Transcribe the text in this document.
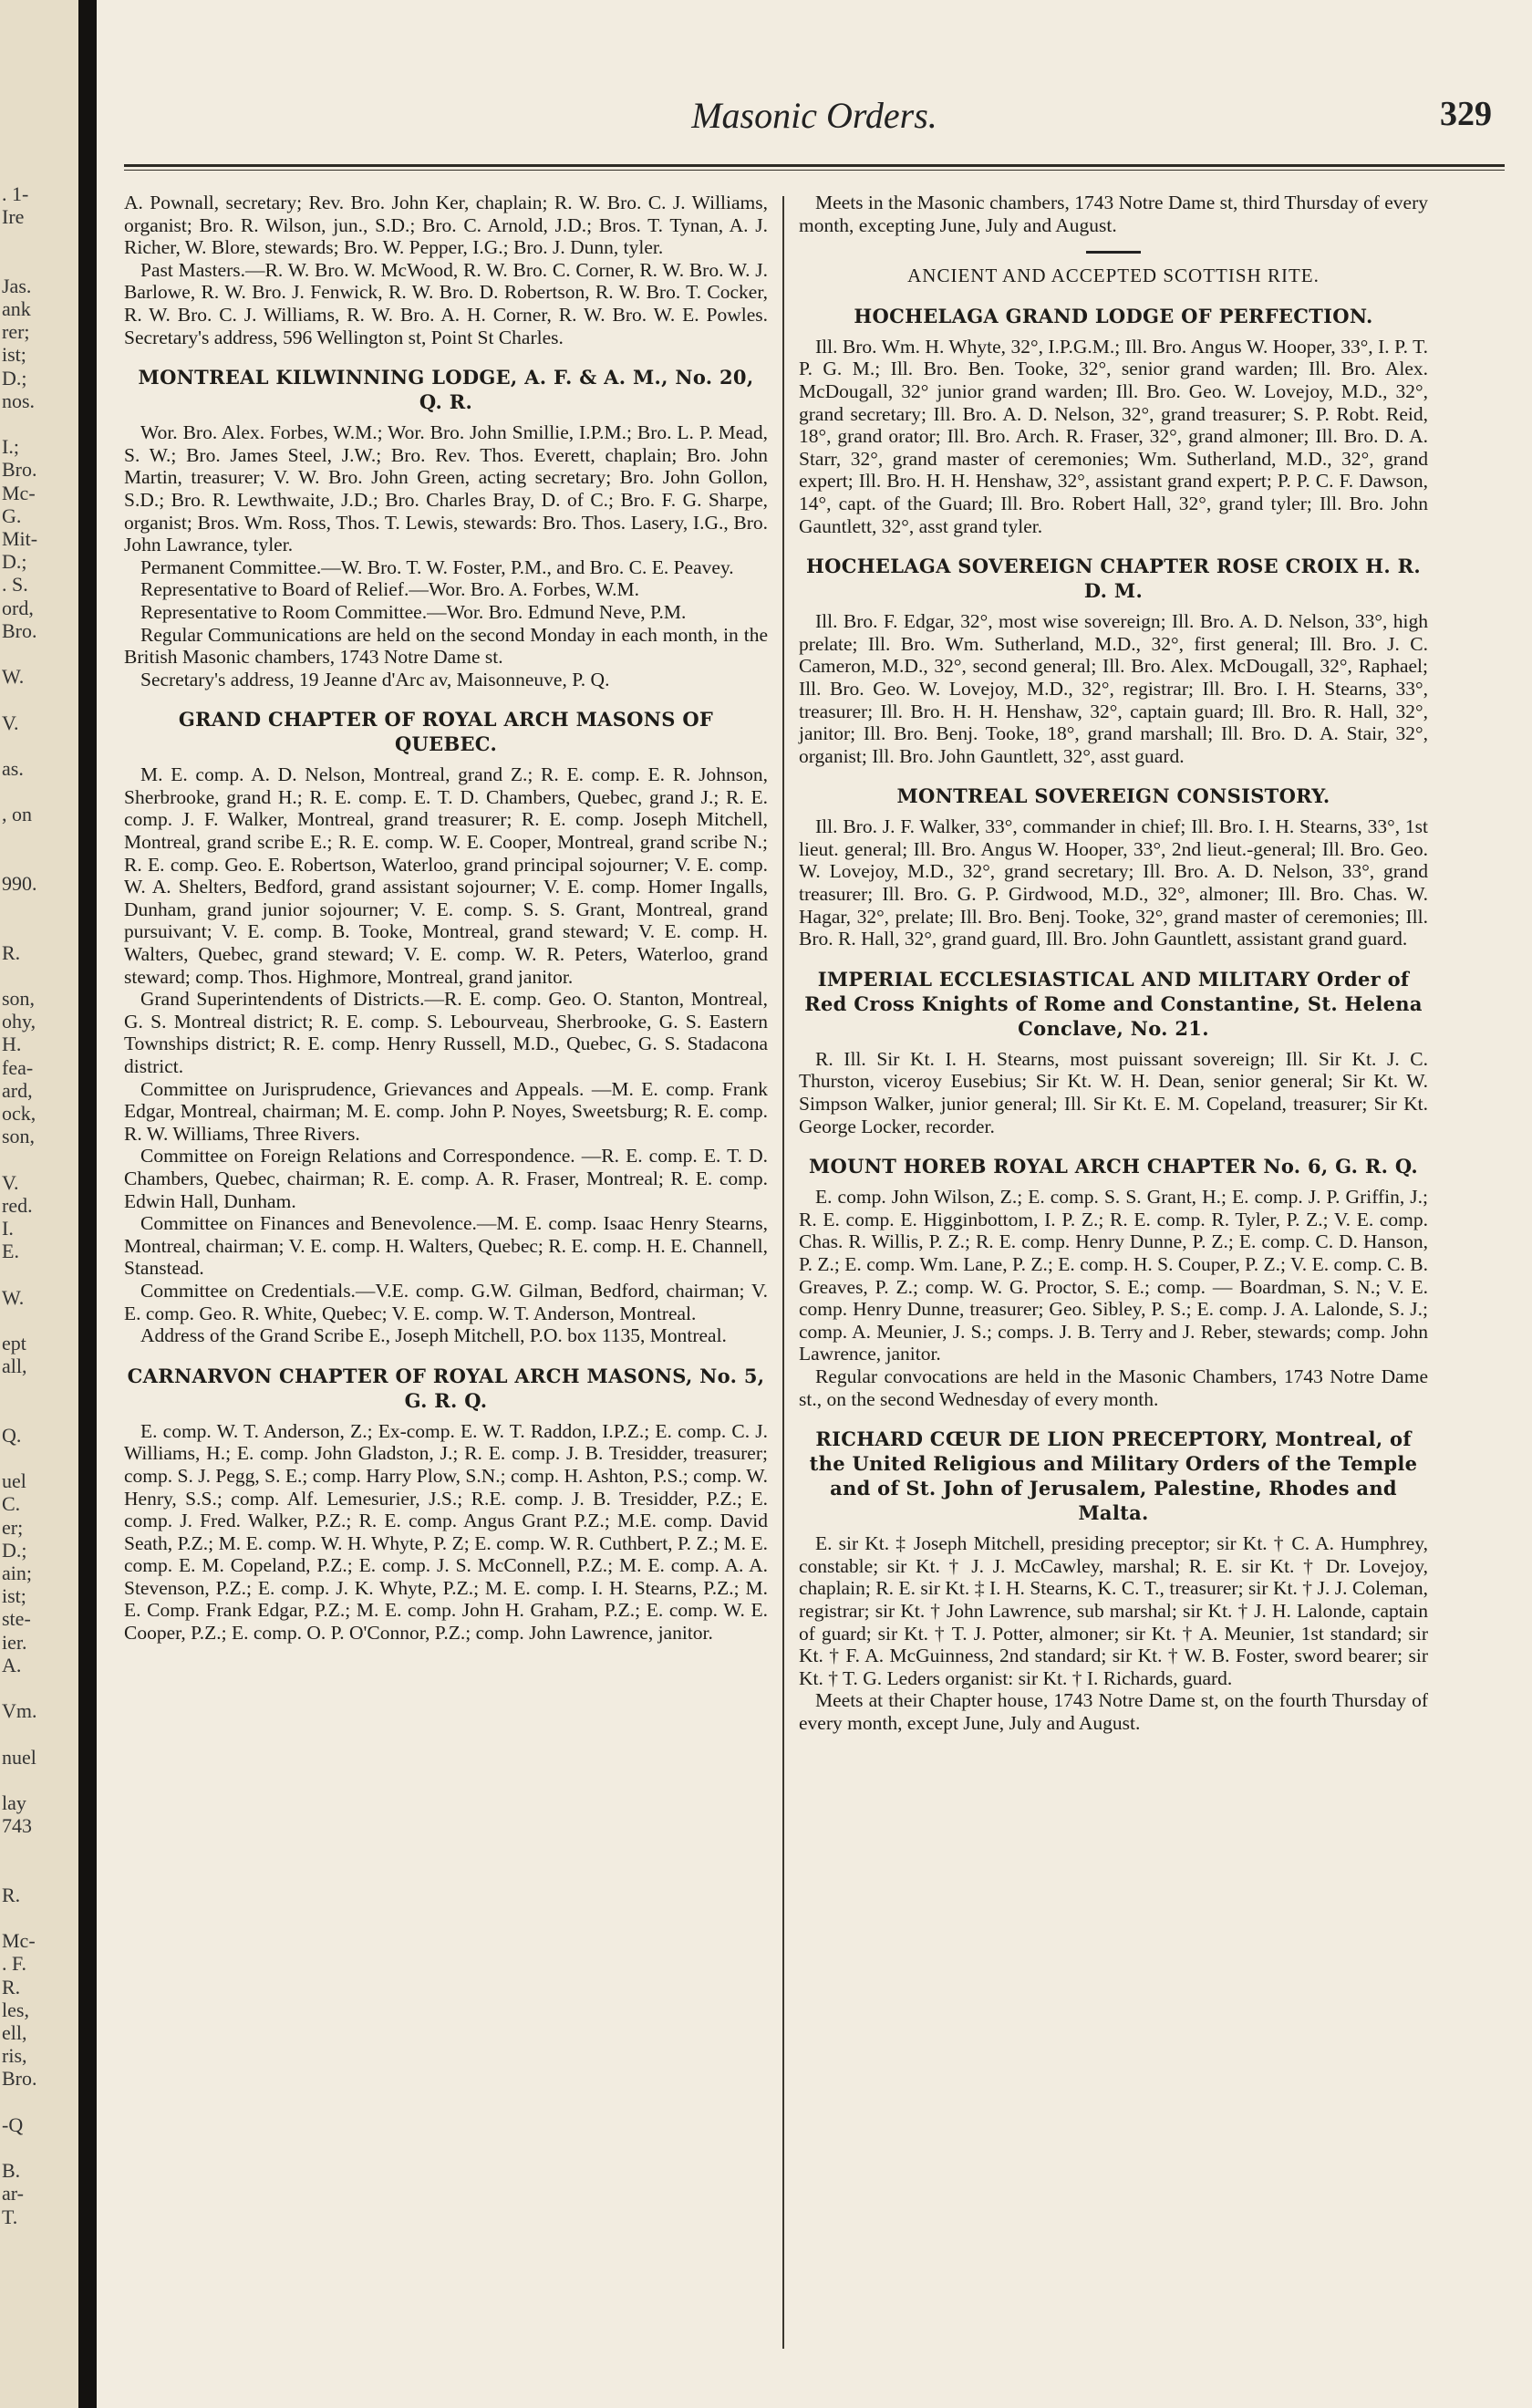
. 1-
Ire
Jas.
ank
rer;
ist;
D.;
nos.
I.;
Bro.
Mc-
G.
Mit-
D.;
. S.
ord,
Bro.
W.
V.
as.
, on
990.
R.
son,
ohy,
H.
fea-
ard,
ock,
son,
V.
red.
I.
E.
W.
ept
all,
Q.
uel
C.
er;
D.;
ain;
ist;
ste-
ier.
A.
Vm.
nuel
lay
743
R.
Mc-
. F.
R.
les,
ell,
ris,
Bro.
-Q
B.
ar-
T.
Masonic Orders.	329
A. Pownall, secretary; Rev. Bro. John Ker, chaplain; R. W. Bro. C. J. Williams, organist; Bro. R. Wilson, jun., S.D.; Bro. C. Arnold, J.D.; Bros. T. Tynan, A. J. Richer, W. Blore, stewards; Bro. W. Pepper, I.G.; Bro. J. Dunn, tyler.
Past Masters.—R. W. Bro. W. McWood, R. W. Bro. C. Corner, R. W. Bro. W. J. Barlowe, R. W. Bro. J. Fenwick, R. W. Bro. D. Robertson, R. W. Bro. T. Cocker, R. W. Bro. C. J. Williams, R. W. Bro. A. H. Corner, R. W. Bro. W. E. Powles. Secretary's address, 596 Wellington st, Point St Charles.
MONTREAL KILWINNING LODGE, A. F. & A. M., No. 20, Q. R.
Wor. Bro. Alex. Forbes, W.M.; Wor. Bro. John Smillie, I.P.M.; Bro. L. P. Mead, S. W.; Bro. James Steel, J.W.; Bro. Rev. Thos. Everett, chaplain; Bro. John Martin, treasurer; V. W. Bro. John Green, acting secretary; Bro. John Gollon, S.D.; Bro. R. Lewthwaite, J.D.; Bro. Charles Bray, D. of C.; Bro. F. G. Sharpe, organist; Bros. Wm. Ross, Thos. T. Lewis, stewards: Bro. Thos. Lasery, I.G., Bro. John Lawrance, tyler.
Permanent Committee.—W. Bro. T. W. Foster, P.M., and Bro. C. E. Peavey.
Representative to Board of Relief.—Wor. Bro. A. Forbes, W.M.
Representative to Room Committee.—Wor. Bro. Edmund Neve, P.M.
Regular Communications are held on the second Monday in each month, in the British Masonic chambers, 1743 Notre Dame st.
Secretary's address, 19 Jeanne d'Arc av, Maisonneuve, P. Q.
GRAND CHAPTER OF ROYAL ARCH MASONS OF QUEBEC.
M. E. comp. A. D. Nelson, Montreal, grand Z.; R. E. comp. E. R. Johnson, Sherbrooke, grand H.; R. E. comp. E. T. D. Chambers, Quebec, grand J.; R. E. comp. J. F. Walker, Montreal, grand treasurer; R. E. comp. Joseph Mitchell, Montreal, grand scribe E.; R. E. comp. W. E. Cooper, Montreal, grand scribe N.; R. E. comp. Geo. E. Robertson, Waterloo, grand principal sojourner; V. E. comp. W. A. Shelters, Bedford, grand assistant sojourner; V. E. comp. Homer Ingalls, Dunham, grand junior sojourner; V. E. comp. S. S. Grant, Montreal, grand pursuivant; V. E. comp. B. Tooke, Montreal, grand steward; V. E. comp. H. Walters, Quebec, grand steward; V. E. comp. W. R. Peters, Waterloo, grand steward; comp. Thos. Highmore, Montreal, grand janitor.
Grand Superintendents of Districts.—R. E. comp. Geo. O. Stanton, Montreal, G. S. Montreal district; R. E. comp. S. Lebourveau, Sherbrooke, G. S. Eastern Townships district; R. E. comp. Henry Russell, M.D., Quebec, G. S. Stadacona district.
Committee on Jurisprudence, Grievances and Appeals. —M. E. comp. Frank Edgar, Montreal, chairman; M. E. comp. John P. Noyes, Sweetsburg; R. E. comp. R. W. Williams, Three Rivers.
Committee on Foreign Relations and Correspondence. —R. E. comp. E. T. D. Chambers, Quebec, chairman; R. E. comp. A. R. Fraser, Montreal; R. E. comp. Edwin Hall, Dunham.
Committee on Finances and Benevolence.—M. E. comp. Isaac Henry Stearns, Montreal, chairman; V. E. comp. H. Walters, Quebec; R. E. comp. H. E. Channell, Stanstead.
Committee on Credentials.—V.E. comp. G.W. Gilman, Bedford, chairman; V. E. comp. Geo. R. White, Quebec; V. E. comp. W. T. Anderson, Montreal.
Address of the Grand Scribe E., Joseph Mitchell, P.O. box 1135, Montreal.
CARNARVON CHAPTER OF ROYAL ARCH MASONS, No. 5, G. R. Q.
E. comp. W. T. Anderson, Z.; Ex-comp. E. W. T. Raddon, I.P.Z.; E. comp. C. J. Williams, H.; E. comp. John Gladston, J.; R. E. comp. J. B. Tresidder, treasurer; comp. S. J. Pegg, S. E.; comp. Harry Plow, S.N.; comp. H. Ashton, P.S.; comp. W. Henry, S.S.; comp. Alf. Lemesurier, J.S.; R.E. comp. J. B. Tresidder, P.Z.; E. comp. J. Fred. Walker, P.Z.; R. E. comp. Angus Grant P.Z.; M.E. comp. David Seath, P.Z.; M. E. comp. W. H. Whyte, P. Z; E. comp. W. R. Cuthbert, P. Z.; M. E. comp. E. M. Copeland, P.Z.; E. comp. J. S. McConnell, P.Z.; M. E. comp. A. A. Stevenson, P.Z.; E. comp. J. K. Whyte, P.Z.; M. E. comp. I. H. Stearns, P.Z.; M. E. Comp. Frank Edgar, P.Z.; M. E. comp. John H. Graham, P.Z.; E. comp. W. E. Cooper, P.Z.; E. comp. O. P. O'Connor, P.Z.; comp. John Lawrence, janitor.
Meets in the Masonic chambers, 1743 Notre Dame st, third Thursday of every month, excepting June, July and August.
ANCIENT AND ACCEPTED SCOTTISH RITE.
HOCHELAGA GRAND LODGE OF PERFECTION.
Ill. Bro. Wm. H. Whyte, 32°, I.P.G.M.; Ill. Bro. Angus W. Hooper, 33°, I. P. T. P. G. M.; Ill. Bro. Ben. Tooke, 32°, senior grand warden; Ill. Bro. Alex. McDougall, 32° junior grand warden; Ill. Bro. Geo. W. Lovejoy, M.D., 32°, grand secretary; Ill. Bro. A. D. Nelson, 32°, grand treasurer; S. P. Robt. Reid, 18°, grand orator; Ill. Bro. Arch. R. Fraser, 32°, grand almoner; Ill. Bro. D. A. Starr, 32°, grand master of ceremonies; Wm. Sutherland, M.D., 32°, grand expert; Ill. Bro. H. H. Henshaw, 32°, assistant grand expert; P. P. C. F. Dawson, 14°, capt. of the Guard; Ill. Bro. Robert Hall, 32°, grand tyler; Ill. Bro. John Gauntlett, 32°, asst grand tyler.
HOCHELAGA SOVEREIGN CHAPTER ROSE CROIX H. R. D. M.
Ill. Bro. F. Edgar, 32°, most wise sovereign; Ill. Bro. A. D. Nelson, 33°, high prelate; Ill. Bro. Wm. Sutherland, M.D., 32°, first general; Ill. Bro. J. C. Cameron, M.D., 32°, second general; Ill. Bro. Alex. McDougall, 32°, Raphael; Ill. Bro. Geo. W. Lovejoy, M.D., 32°, registrar; Ill. Bro. I. H. Stearns, 33°, treasurer; Ill. Bro. H. H. Henshaw, 32°, captain guard; Ill. Bro. R. Hall, 32°, janitor; Ill. Bro. Benj. Tooke, 18°, grand marshall; Ill. Bro. D. A. Stair, 32°, organist; Ill. Bro. John Gauntlett, 32°, asst guard.
MONTREAL SOVEREIGN CONSISTORY.
Ill. Bro. J. F. Walker, 33°, commander in chief; Ill. Bro. I. H. Stearns, 33°, 1st lieut. general; Ill. Bro. Angus W. Hooper, 33°, 2nd lieut.-general; Ill. Bro. Geo. W. Lovejoy, M.D., 32°, grand secretary; Ill. Bro. A. D. Nelson, 33°, grand treasurer; Ill. Bro. G. P. Girdwood, M.D., 32°, almoner; Ill. Bro. Chas. W. Hagar, 32°, prelate; Ill. Bro. Benj. Tooke, 32°, grand master of ceremonies; Ill. Bro. R. Hall, 32°, grand guard, Ill. Bro. John Gauntlett, assistant grand guard.
IMPERIAL ECCLESIASTICAL AND MILITARY Order of Red Cross Knights of Rome and Constantine, St. Helena Conclave, No. 21.
R. Ill. Sir Kt. I. H. Stearns, most puissant sovereign; Ill. Sir Kt. J. C. Thurston, viceroy Eusebius; Sir Kt. W. H. Dean, senior general; Sir Kt. W. Simpson Walker, junior general; Ill. Sir Kt. E. M. Copeland, treasurer; Sir Kt. George Locker, recorder.
MOUNT HOREB ROYAL ARCH CHAPTER No. 6, G. R. Q.
E. comp. John Wilson, Z.; E. comp. S. S. Grant, H.; E. comp. J. P. Griffin, J.; R. E. comp. E. Higginbottom, I. P. Z.; R. E. comp. R. Tyler, P. Z.; V. E. comp. Chas. R. Willis, P. Z.; R. E. comp. Henry Dunne, P. Z.; E. comp. C. D. Hanson, P. Z.; E. comp. Wm. Lane, P. Z.; E. comp. H. S. Couper, P. Z.; V. E. comp. C. B. Greaves, P. Z.; comp. W. G. Proctor, S. E.; comp. — Boardman, S. N.; V. E. comp. Henry Dunne, treasurer; Geo. Sibley, P. S.; E. comp. J. A. Lalonde, S. J.; comp. A. Meunier, J. S.; comps. J. B. Terry and J. Reber, stewards; comp. John Lawrence, janitor.
Regular convocations are held in the Masonic Chambers, 1743 Notre Dame st., on the second Wednesday of every month.
RICHARD CŒUR DE LION PRECEPTORY, Montreal, of the United Religious and Military Orders of the Temple and of St. John of Jerusalem, Palestine, Rhodes and Malta.
E. sir Kt. ‡ Joseph Mitchell, presiding preceptor; sir Kt. † C. A. Humphrey, constable; sir Kt. † J. J. McCawley, marshal; R. E. sir Kt. † Dr. Lovejoy, chaplain; R. E. sir Kt. ‡ I. H. Stearns, K. C. T., treasurer; sir Kt. † J. J. Coleman, registrar; sir Kt. † John Lawrence, sub marshal; sir Kt. † J. H. Lalonde, captain of guard; sir Kt. † T. J. Potter, almoner; sir Kt. † A. Meunier, 1st standard; sir Kt. † F. A. McGuinness, 2nd standard; sir Kt. † W. B. Foster, sword bearer; sir Kt. † T. G. Leders organist: sir Kt. † I. Richards, guard.
Meets at their Chapter house, 1743 Notre Dame st, on the fourth Thursday of every month, except June, July and August.
